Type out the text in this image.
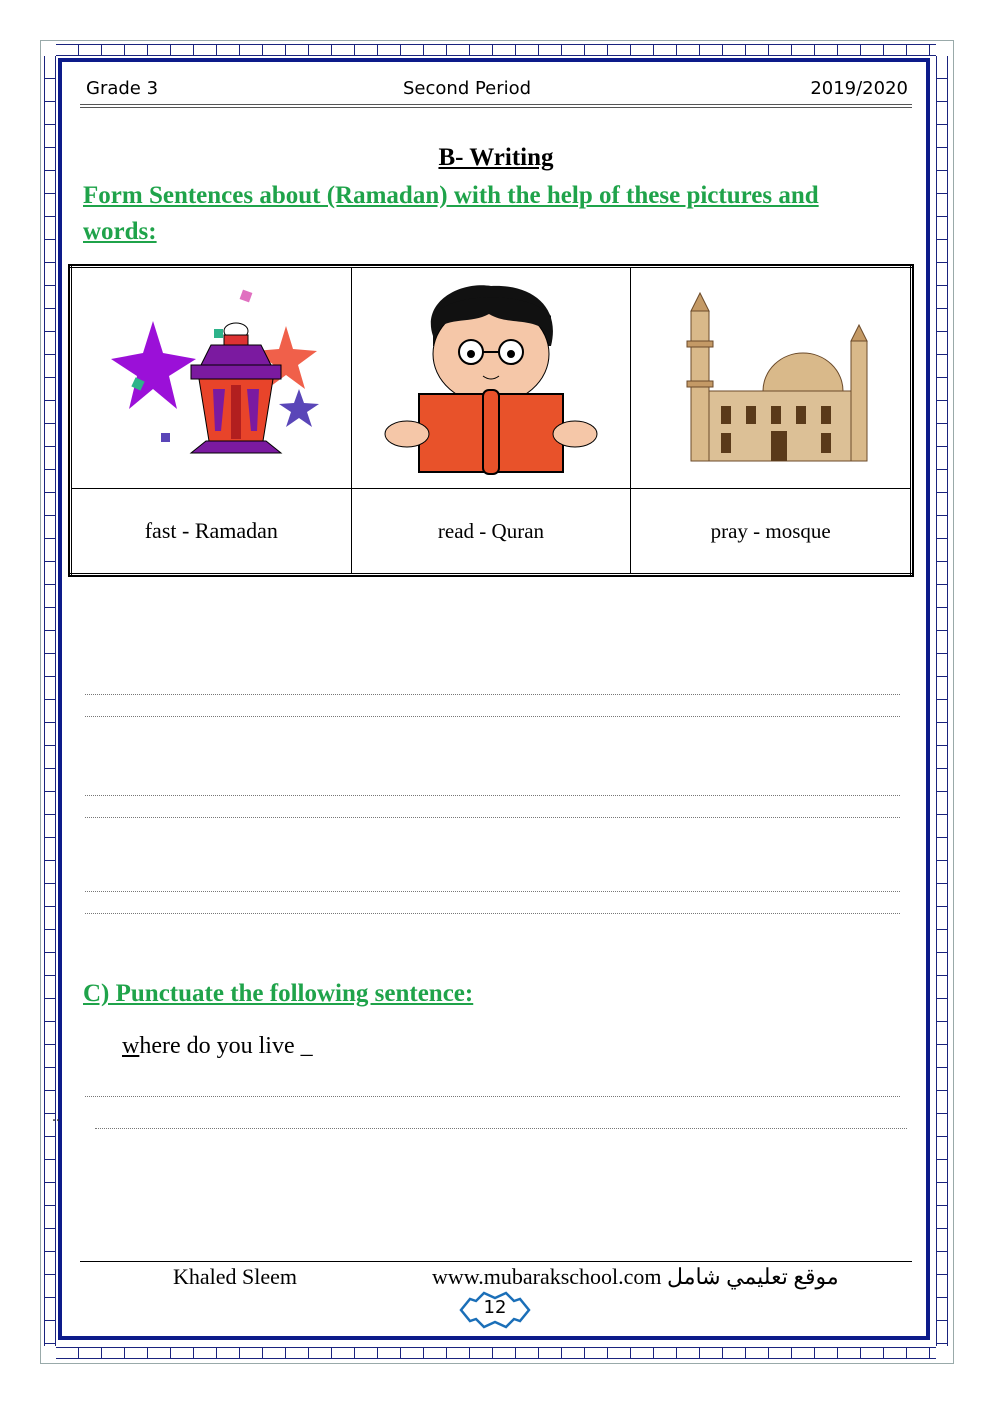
Grade 3	Second Period	2019/2020
B- Writing
Form Sentences about (Ramadan) with the help of these pictures and words:

fast - Ramadan	read - Quran	pray - mosque
C) Punctuate the following sentence:
where do you live _
..
Khaled Sleem	www.mubarakschool.com موقع تعليمي شامل
12
